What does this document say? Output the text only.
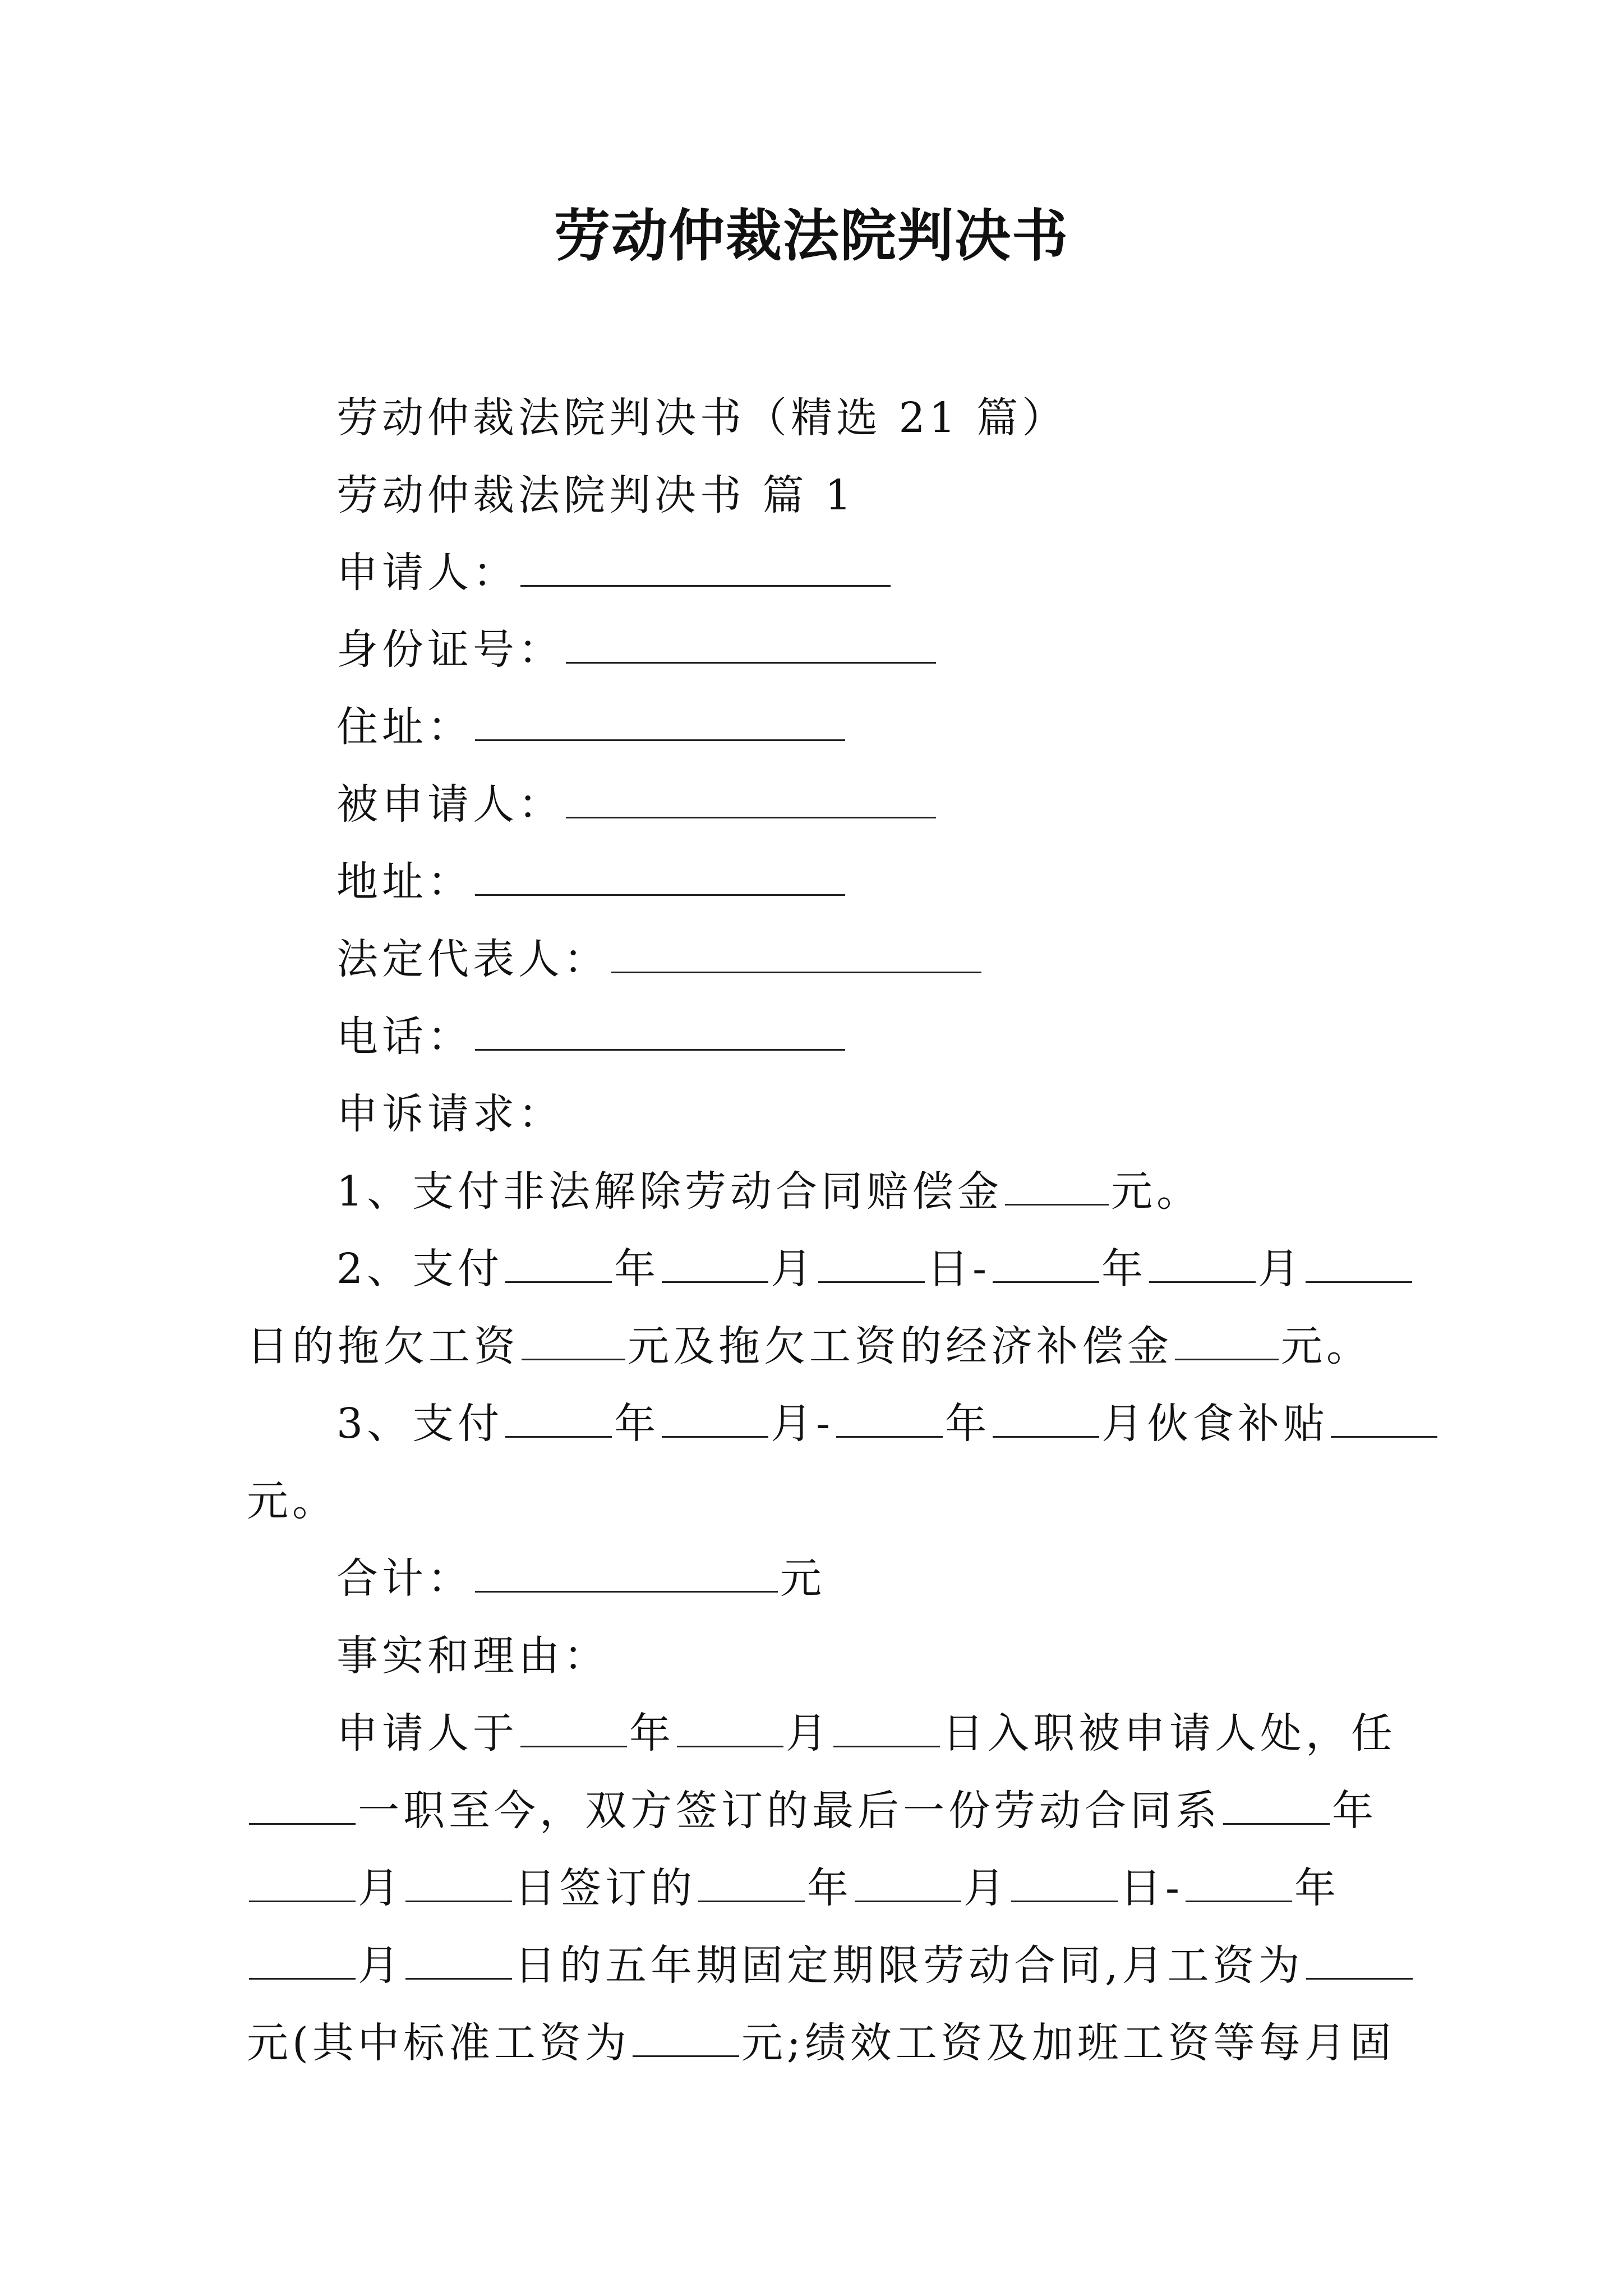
劳动仲裁法院判决书
劳动仲裁法院判决书（精选 21 篇）
劳动仲裁法院判决书 篇 1
申请人：
身份证号：
住址：
被申请人：
地址：
法定代表人：
电话：
申诉请求：
1、支付非法解除劳动合同赔偿金	元。
2、支付	年	月	日-	年	月
日的拖欠工资	元及拖欠工资的经济补偿金	元。
3、支付	年	月-	年	月伙食补贴
元。
合计：	元
事实和理由：
申请人于	年	月	日入职被申请人处，任
一职至今，双方签订的最后一份劳动合同系	年
月	日签订的	年	月	日-	年
月	日的五年期固定期限劳动合同,月工资为
元(其中标准工资为	元;绩效工资及加班工资等每月固
